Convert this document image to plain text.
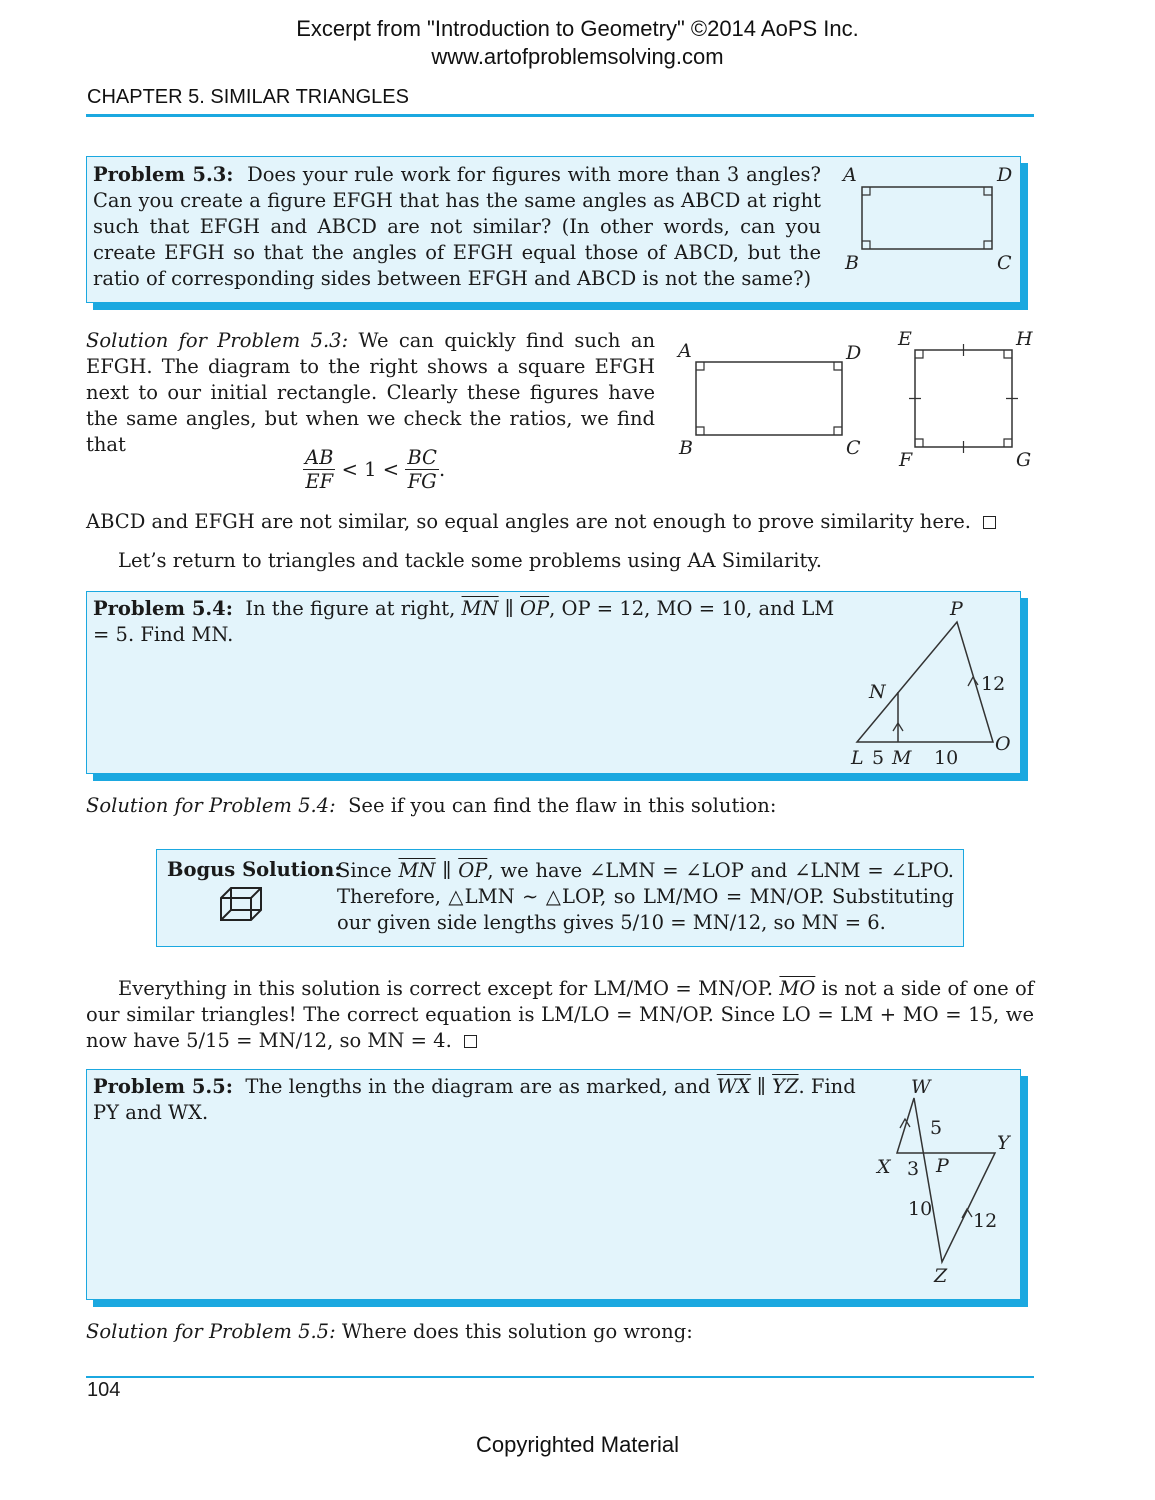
Excerpt from "Introduction to Geometry" ©2014 AoPS Inc.
www.artofproblemsolving.com
CHAPTER 5. SIMILAR TRIANGLES
Problem 5.3: Does your rule work for figures with more than 3 angles? Can you create a figure EFGH that has the same angles as ABCD at right such that EFGH and ABCD are not similar? (In other words, can you create EFGH so that the angles of EFGH equal those of ABCD, but the ratio of corresponding sides between EFGH and ABCD is not the same?)
A	D
B	C
Solution for Problem 5.3: We can quickly find such an EFGH. The diagram to the right shows a square EFGH next to our initial rectangle. Clearly these figures have the same angles, but when we check the ratios, we find that
$\frac{AB}{EF} < 1 < \frac{BC}{FG}$ .
A	D
B	C
E	H
F	G
ABCD and EFGH are not similar, so equal angles are not enough to prove similarity here.
Let’s return to triangles and tackle some problems using AA Similarity.
Problem 5.4: In the figure at right, $\overline{MN}$ ∥ $\overline{OP}$, OP = 12, MO = 10, and LM = 5. Find MN.
P
N	12
L 5 M 10
O
Solution for Problem 5.4: See if you can find the flaw in this solution:
Bogus Solution:
Since $\overline{MN}$ ∥ $\overline{OP}$, we have ∠LMN = ∠LOP and ∠LNM = ∠LPO. Therefore, △LMN ∼ △LOP, so LM/MO = MN/OP. Substituting our given side lengths gives 5/10 = MN/12, so MN = 6.
Everything in this solution is correct except for LM/MO = MN/OP. $\overline{MO}$ is not a side of one of our similar triangles! The correct equation is LM/LO = MN/OP. Since LO = LM + MO = 15, we now have 5/15 = MN/12, so MN = 4.
Problem 5.5: The lengths in the diagram are as marked, and $\overline{WX}$ ∥ $\overline{YZ}$. Find PY and WX.
W
5
Y
X 3 P
10
12
Z
Solution for Problem 5.5: Where does this solution go wrong:
104
Copyrighted Material
